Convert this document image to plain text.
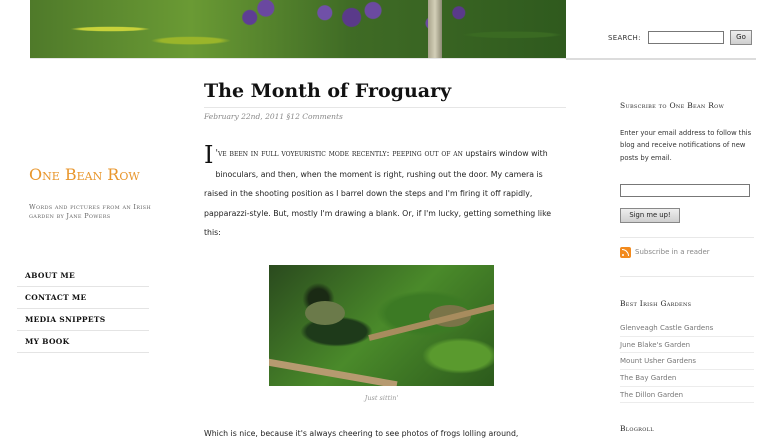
SEARCH:	Go
One Bean Row
Words and pictures from an Irish garden by Jane Powers
ABOUT ME
CONTACT ME
MEDIA SNIPPETS
MY BOOK
The Month of Froguary
February 22nd, 2011 §12 Comments
I 've been in full voyeuristic mode recently: peeping out of an upstairs window with binoculars, and then, when the moment is right, rushing out the door. My camera is raised in the shooting position as I barrel down the steps and I'm firing it off rapidly, papparazzi-style. But, mostly I'm drawing a blank. Or, if I'm lucky, getting something like this:
Just sittin'
Which is nice, because it's always cheering to see photos of frogs lolling around,
Subscribe to One Bean Row
Enter your email address to follow this blog and receive notifications of new posts by email.
Sign me up!
Subscribe in a reader
Best Irish Gardens
Glenveagh Castle Gardens
June Blake's Garden
Mount Usher Gardens
The Bay Garden
The Dillon Garden
Blogroll
